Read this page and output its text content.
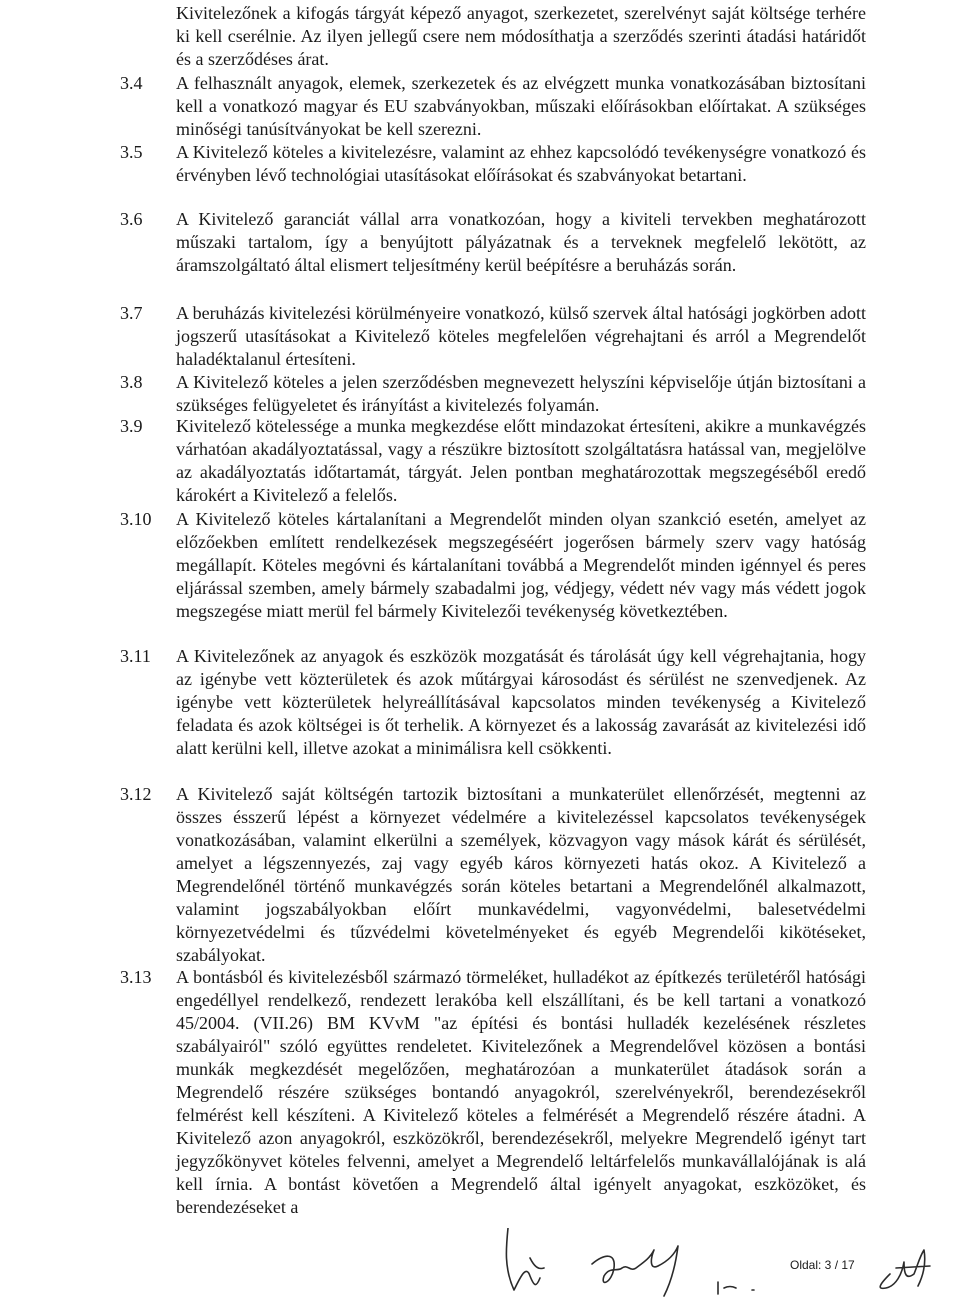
Kivitelezőnek a kifogás tárgyát képező anyagot, szerkezetet, szerelvényt saját költsége terhére ki kell cserélnie. Az ilyen jellegű csere nem módosíthatja a szerződés szerinti átadási határidőt és a szerződéses árat.
3.4	A felhasznált anyagok, elemek, szerkezetek és az elvégzett munka vonatkozásában biztosítani kell a vonatkozó magyar és EU szabványokban, műszaki előírásokban előírtakat. A szükséges minőségi tanúsítványokat be kell szerezni.
3.5	A Kivitelező köteles a kivitelezésre, valamint az ehhez kapcsolódó tevékenységre vonatkozó és érvényben lévő technológiai utasításokat előírásokat és szabványokat betartani.
3.6	A Kivitelező garanciát vállal arra vonatkozóan, hogy a kiviteli tervekben meghatározott műszaki tartalom, így a benyújtott pályázatnak és a terveknek megfelelő lekötött, az áramszolgáltató által elismert teljesítmény kerül beépítésre a beruházás során.
3.7	A beruházás kivitelezési körülményeire vonatkozó, külső szervek által hatósági jogkörben adott jogszerű utasításokat a Kivitelező köteles megfelelően végrehajtani és arról a Megrendelőt haladéktalanul értesíteni.
3.8	A Kivitelező köteles a jelen szerződésben megnevezett helyszíni képviselője útján biztosítani a szükséges felügyeletet és irányítást a kivitelezés folyamán.
3.9	Kivitelező kötelessége a munka megkezdése előtt mindazokat értesíteni, akikre a munkavégzés várhatóan akadályoztatással, vagy a részükre biztosított szolgáltatásra hatással van, megjelölve az akadályoztatás időtartamát, tárgyát. Jelen pontban meghatározottak megszegéséből eredő károkért a Kivitelező a felelős.
3.10	A Kivitelező köteles kártalanítani a Megrendelőt minden olyan szankció esetén, amelyet az előzőekben említett rendelkezések megszegéséért jogerősen bármely szerv vagy hatóság megállapít. Köteles megóvni és kártalanítani továbbá a Megrendelőt minden igénnyel és peres eljárással szemben, amely bármely szabadalmi jog, védjegy, védett név vagy más védett jogok megszegése miatt merül fel bármely Kivitelezői tevékenység következtében.
3.11	A Kivitelezőnek az anyagok és eszközök mozgatását és tárolását úgy kell végrehajtania, hogy az igénybe vett közterületek és azok műtárgyai károsodást és sérülést ne szenvedjenek. Az igénybe vett közterületek helyreállításával kapcsolatos minden tevékenység a Kivitelező feladata és azok költségei is őt terhelik. A környezet és a lakosság zavarását az kivitelezési idő alatt kerülni kell, illetve azokat a minimálisra kell csökkenti.
3.12	A Kivitelező saját költségén tartozik biztosítani a munkaterület ellenőrzését, megtenni az összes ésszerű lépést a környezet védelmére a kivitelezéssel kapcsolatos tevékenységek vonatkozásában, valamint elkerülni a személyek, közvagyon vagy mások kárát és sérülését, amelyet a légszennyezés, zaj vagy egyéb káros környezeti hatás okoz. A Kivitelező a Megrendelőnél történő munkavégzés során köteles betartani a Megrendelőnél alkalmazott, valamint jogszabályokban előírt munkavédelmi, vagyonvédelmi, balesetvédelmi környezetvédelmi és tűzvédelmi követelményeket és egyéb Megrendelői kikötéseket, szabályokat.
3.13	A bontásból és kivitelezésből származó törmeléket, hulladékot az építkezés területéről hatósági engedéllyel rendelkező, rendezett lerakóba kell elszállítani, és be kell tartani a vonatkozó 45/2004. (VII.26) BM KVvM "az építési és bontási hulladék kezelésének részletes szabályairól" szóló együttes rendeletet. Kivitelezőnek a Megrendelővel közösen a bontási munkák megkezdését megelőzően, meghatározóan a munkaterület átadások során a Megrendelő részére szükséges bontandó anyagokról, szerelvényekről, berendezésekről felmérést kell készíteni. A Kivitelező köteles a felmérését a Megrendelő részére átadni. A Kivitelező azon anyagokról, eszközökről, berendezésekről, melyekre Megrendelő igényt tart jegyzőkönyvet köteles felvenni, amelyet a Megrendelő leltárfelelős munkavállalójának is alá kell írnia. A bontást követően a Megrendelő által igényelt anyagokat, eszközöket, és berendezéseket a
Oldal: 3 / 17
